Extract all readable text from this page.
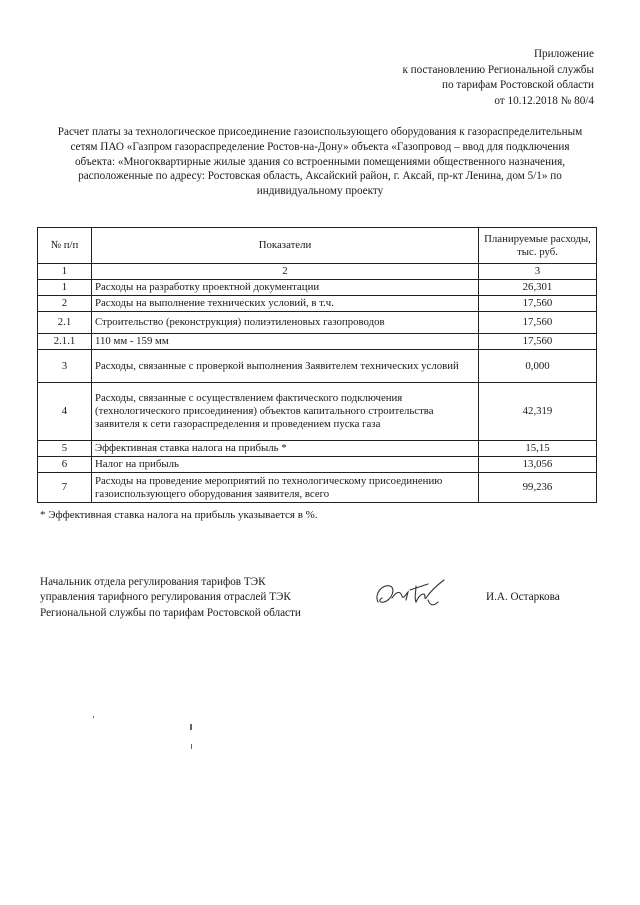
Приложение
к постановлению Региональной службы
по тарифам Ростовской области
от 10.12.2018 № 80/4
Расчет платы за технологическое присоединение газоиспользующего оборудования к газораспределительным
сетям ПАО «Газпром газораспределение Ростов-на-Дону» объекта «Газопровод – ввод для подключения
объекта: «Многоквартирные жилые здания со встроенными помещениями общественного назначения,
расположенные по адресу: Ростовская область, Аксайский район, г. Аксай, пр-кт Ленина, дом 5/1» по
индивидуальному проекту
№ п/п	Показатели	Планируемые расходы, тыс. руб.
1	2	3
1	Расходы на разработку проектной документации	26,301
2	Расходы на выполнение технических условий, в т.ч.	17,560
2.1	Строительство (реконструкция) полиэтиленовых газопроводов	17,560
2.1.1	110 мм - 159 мм	17,560
3	Расходы, связанные с проверкой выполнения Заявителем технических условий	0,000
4	Расходы, связанные с осуществлением фактического подключения (технологического присоединения) объектов капитального строительства заявителя к сети газораспределения и проведением пуска газа	42,319
5	Эффективная ставка налога на прибыль *	15,15
6	Налог на прибыль	13,056
7	Расходы на проведение мероприятий по технологическому присоединению газоиспользующего оборудования заявителя, всего	99,236
* Эффективная ставка налога на прибыль указывается в %.
Начальник отдела регулирования тарифов ТЭК
управления тарифного регулирования отраслей ТЭК
Региональной службы по тарифам Ростовской области
И.А. Остаркова
